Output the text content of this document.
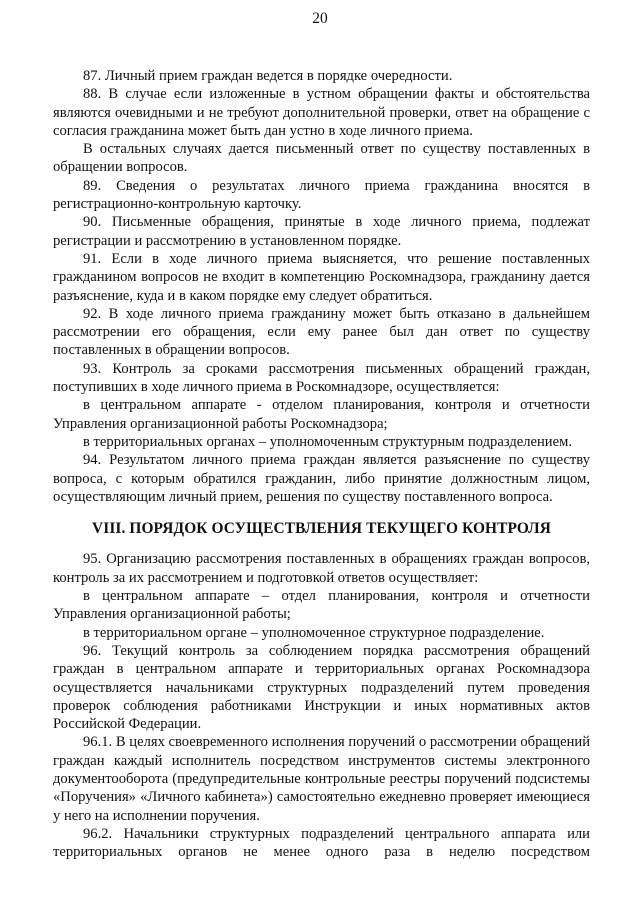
20

87. Личный прием граждан ведется в порядке очередности.

88. В случае если изложенные в устном обращении факты и обстоятельства являются очевидными и не требуют дополнительной проверки, ответ на обращение с согласия гражданина может быть дан устно в ходе личного приема.

В остальных случаях дается письменный ответ по существу поставленных в обращении вопросов.

89. Сведения о результатах личного приема гражданина вносятся в регистрационно-контрольную карточку.

90. Письменные обращения, принятые в ходе личного приема, подлежат регистрации и рассмотрению в установленном порядке.

91. Если в ходе личного приема выясняется, что решение поставленных гражданином вопросов не входит в компетенцию Роскомнадзора, гражданину дается разъяснение, куда и в каком порядке ему следует обратиться.

92. В ходе личного приема гражданину может быть отказано в дальнейшем рассмотрении его обращения, если ему ранее был дан ответ по существу поставленных в обращении вопросов.

93. Контроль за сроками рассмотрения письменных обращений граждан, поступивших в ходе личного приема в Роскомнадзоре, осуществляется:

в центральном аппарате - отделом планирования, контроля и отчетности Управления организационной работы Роскомнадзора;

в территориальных органах – уполномоченным структурным подразделением.

94. Результатом личного приема граждан является разъяснение по существу вопроса, с которым обратился гражданин, либо принятие должностным лицом, осуществляющим личный прием, решения по существу поставленного вопроса.

VIII. ПОРЯДОК ОСУЩЕСТВЛЕНИЯ ТЕКУЩЕГО КОНТРОЛЯ

95. Организацию рассмотрения поставленных в обращениях граждан вопросов, контроль за их рассмотрением и подготовкой ответов осуществляет:

в центральном аппарате – отдел планирования, контроля и отчетности Управления организационной работы;

в территориальном органе – уполномоченное структурное подразделение.

96. Текущий контроль за соблюдением порядка рассмотрения обращений граждан в центральном аппарате и территориальных органах Роскомнадзора осуществляется начальниками структурных подразделений путем проведения проверок соблюдения работниками Инструкции и иных нормативных актов Российской Федерации.

96.1. В целях своевременного исполнения поручений о рассмотрении обращений граждан каждый исполнитель посредством инструментов системы электронного документооборота (предупредительные контрольные реестры поручений подсистемы «Поручения» «Личного кабинета») самостоятельно ежедневно проверяет имеющиеся у него на исполнении поручения.

96.2. Начальники структурных подразделений центрального аппарата или территориальных органов не менее одного раза в неделю посредством
